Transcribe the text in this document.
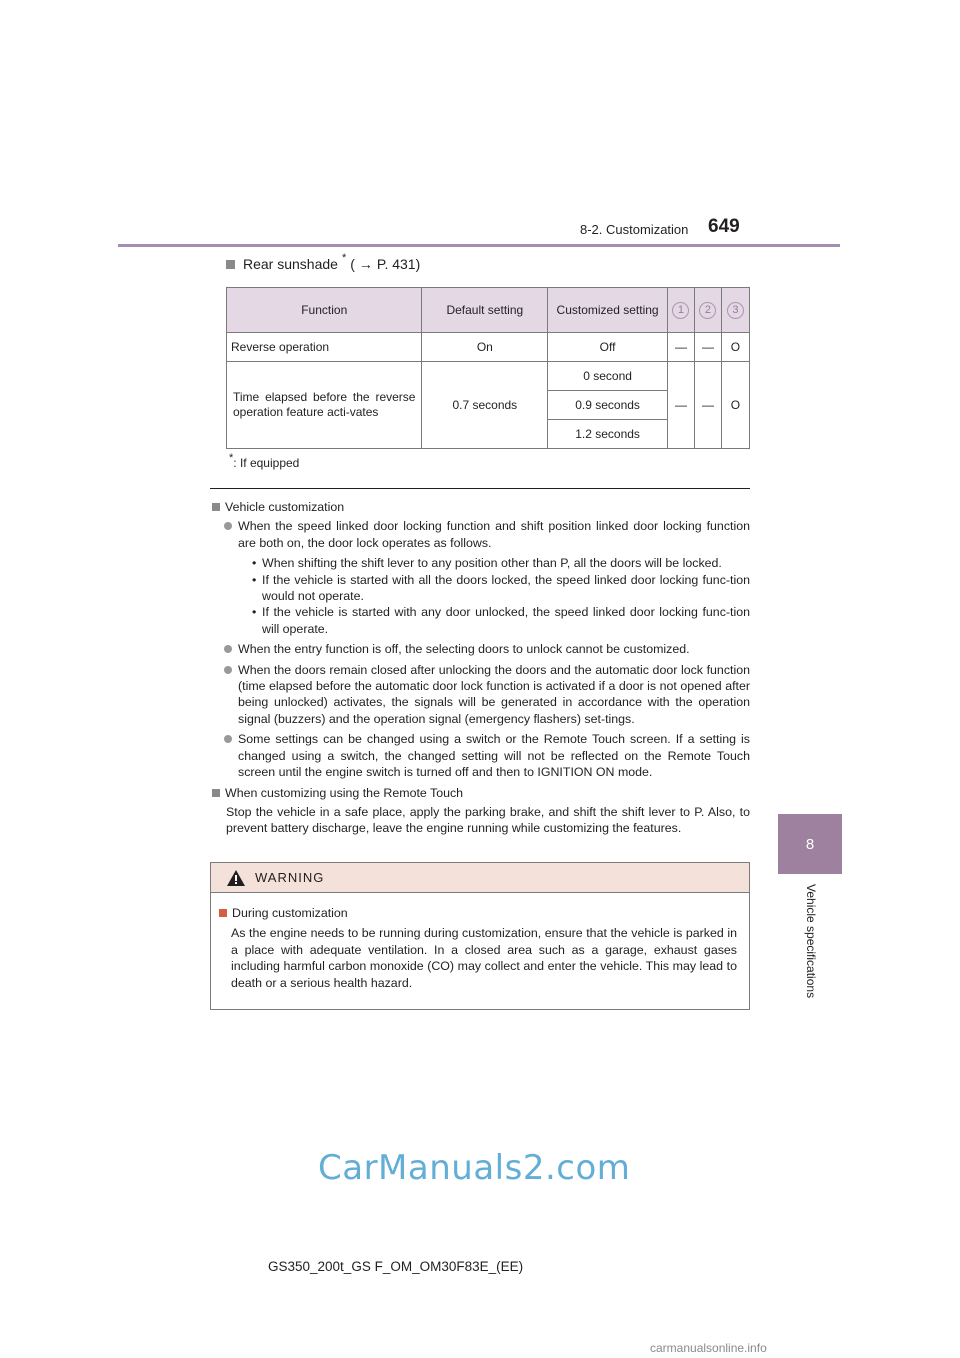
8-2. Customization 649
8
Vehicle specifications
Rear sunshade * ( → P. 431)
Function	Default setting	Customized setting	1	2	3
Reverse operation	On	Off	—	—	O
Time elapsed before the reverse operation feature acti-vates	0.7 seconds	0 second	—	—	O
		0.9 seconds			
		1.2 seconds			
*: If equipped
Vehicle customization
When the speed linked door locking function and shift position linked door locking function are both on, the door lock operates as follows.
• When shifting the shift lever to any position other than P, all the doors will be locked.
• If the vehicle is started with all the doors locked, the speed linked door locking func-tion would not operate.
• If the vehicle is started with any door unlocked, the speed linked door locking func-tion will operate.
When the entry function is off, the selecting doors to unlock cannot be customized.
When the doors remain closed after unlocking the doors and the automatic door lock function (time elapsed before the automatic door lock function is activated if a door is not opened after being unlocked) activates, the signals will be generated in accordance with the operation signal (buzzers) and the operation signal (emergency flashers) set-tings.
Some settings can be changed using a switch or the Remote Touch screen. If a setting is changed using a switch, the changed setting will not be reflected on the Remote Touch screen until the engine switch is turned off and then to IGNITION ON mode.
When customizing using the Remote Touch
Stop the vehicle in a safe place, apply the parking brake, and shift the shift lever to P. Also, to prevent battery discharge, leave the engine running while customizing the features.
WARNING
During customization
As the engine needs to be running during customization, ensure that the vehicle is parked in a place with adequate ventilation. In a closed area such as a garage, exhaust gases including harmful carbon monoxide (CO) may collect and enter the vehicle. This may lead to death or a serious health hazard.
CarManuals2.com
GS350_200t_GS F_OM_OM30F83E_(EE)
carmanualsonline.info
